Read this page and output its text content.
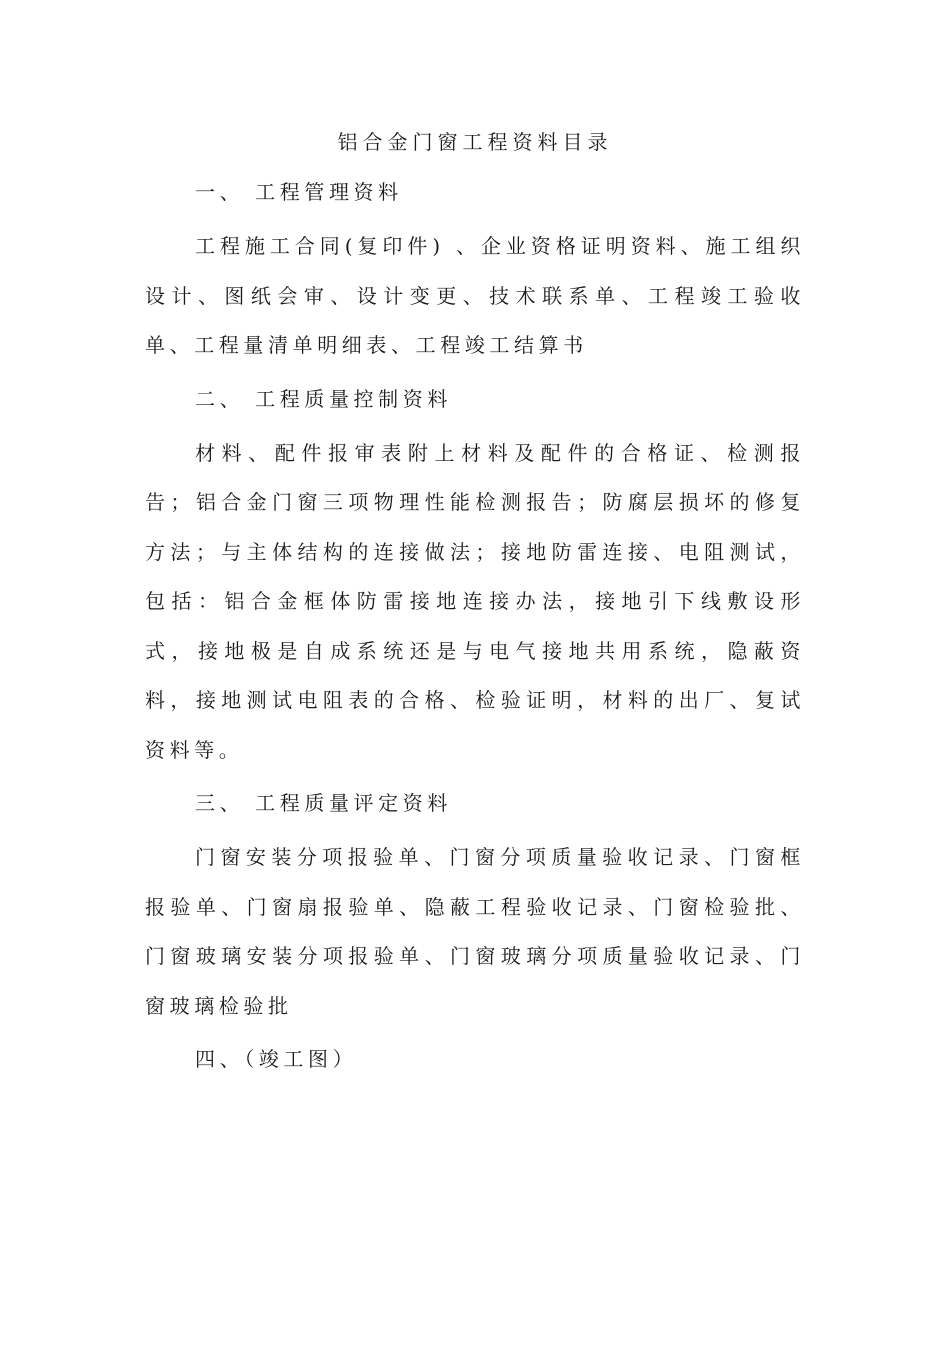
铝合金门窗工程资料目录
一、 工程管理资料

工程施工合同(复印件) 、企业资格证明资料、施工组织设计、图纸会审、设计变更、技术联系单、工程竣工验收单、工程量清单明细表、工程竣工结算书

二、 工程质量控制资料

材料、配件报审表附上材料及配件的合格证、检测报告；铝合金门窗三项物理性能检测报告；防腐层损坏的修复方法；与主体结构的连接做法；接地防雷连接、电阻测试，包括：铝合金框体防雷接地连接办法，接地引下线敷设形式，接地极是自成系统还是与电气接地共用系统，隐蔽资料，接地测试电阻表的合格、检验证明，材料的出厂、复试资料等。

三、 工程质量评定资料

门窗安装分项报验单、门窗分项质量验收记录、门窗框报验单、门窗扇报验单、隐蔽工程验收记录、门窗检验批、门窗玻璃安装分项报验单、门窗玻璃分项质量验收记录、门窗玻璃检验批

四、（竣工图）
